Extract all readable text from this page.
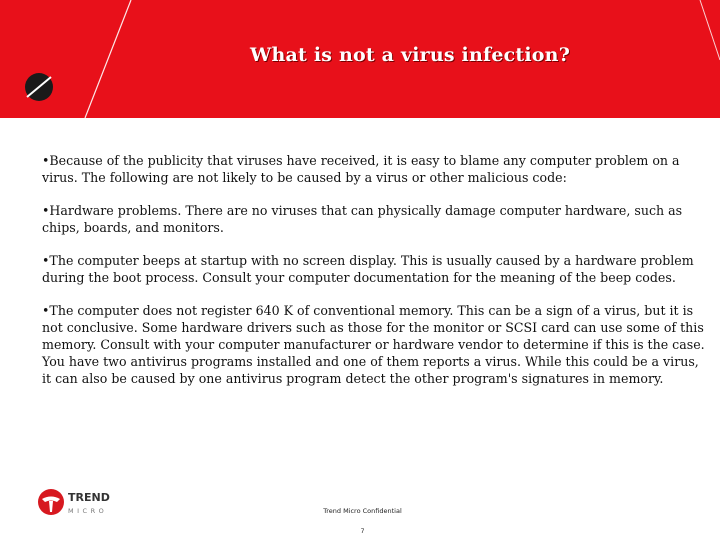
What is not a virus infection?

•Because of the publicity that viruses have received, it is easy to blame any computer problem on a virus. The following are not likely to be caused by a virus or other malicious code:

•Hardware problems. There are no viruses that can physically damage computer hardware, such as chips, boards, and monitors.

•The computer beeps at startup with no screen display. This is usually caused by a hardware problem during the boot process. Consult your computer documentation for the meaning of the beep codes.

•The computer does not register 640 K of conventional memory. This can be a sign of a virus, but it is not conclusive. Some hardware drivers such as those for the monitor or SCSI card can use some of this memory. Consult with your computer manufacturer or hardware vendor to determine if this is the case. You have two antivirus programs installed and one of them reports a virus. While this could be a virus, it can also be caused by one antivirus program detect the other program's signatures in memory.

TREND
MICRO	Trend Micro Confidential
7
